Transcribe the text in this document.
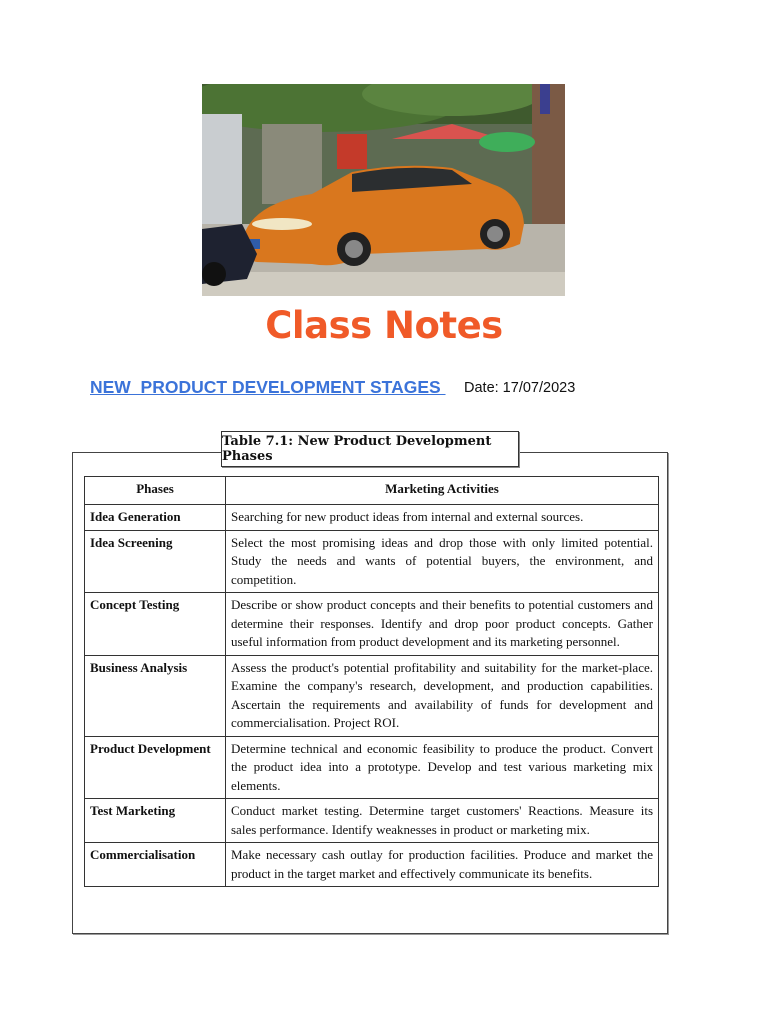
Class Notes
NEW  PRODUCT DEVELOPMENT STAGES Date: 17/07/2023
Table 7.1: New Product Development Phases
Phases	Marketing Activities
Idea Generation	Searching for new product ideas from internal and external sources.
Idea Screening	Select the most promising ideas and drop those with only limited potential. Study the needs and wants of potential buyers, the environment, and competition.
Concept Testing	Describe or show product concepts and their benefits to potential customers and determine their responses. Identify and drop poor product concepts. Gather useful information from product development and its marketing personnel.
Business Analysis	Assess the product's potential profitability and suitability for the market-place. Examine the company's research, development, and production capabilities. Ascertain the requirements and availability of funds for development and commercialisation. Project ROI.
Product Development	Determine technical and economic feasibility to produce the product. Convert the product idea into a prototype. Develop and test various marketing mix elements.
Test Marketing	Conduct market testing. Determine target customers' Reactions. Measure its sales performance. Identify weaknesses in product or marketing mix.
Commercialisation	Make necessary cash outlay for production facilities. Produce and market the product in the target market and effectively communicate its benefits.
